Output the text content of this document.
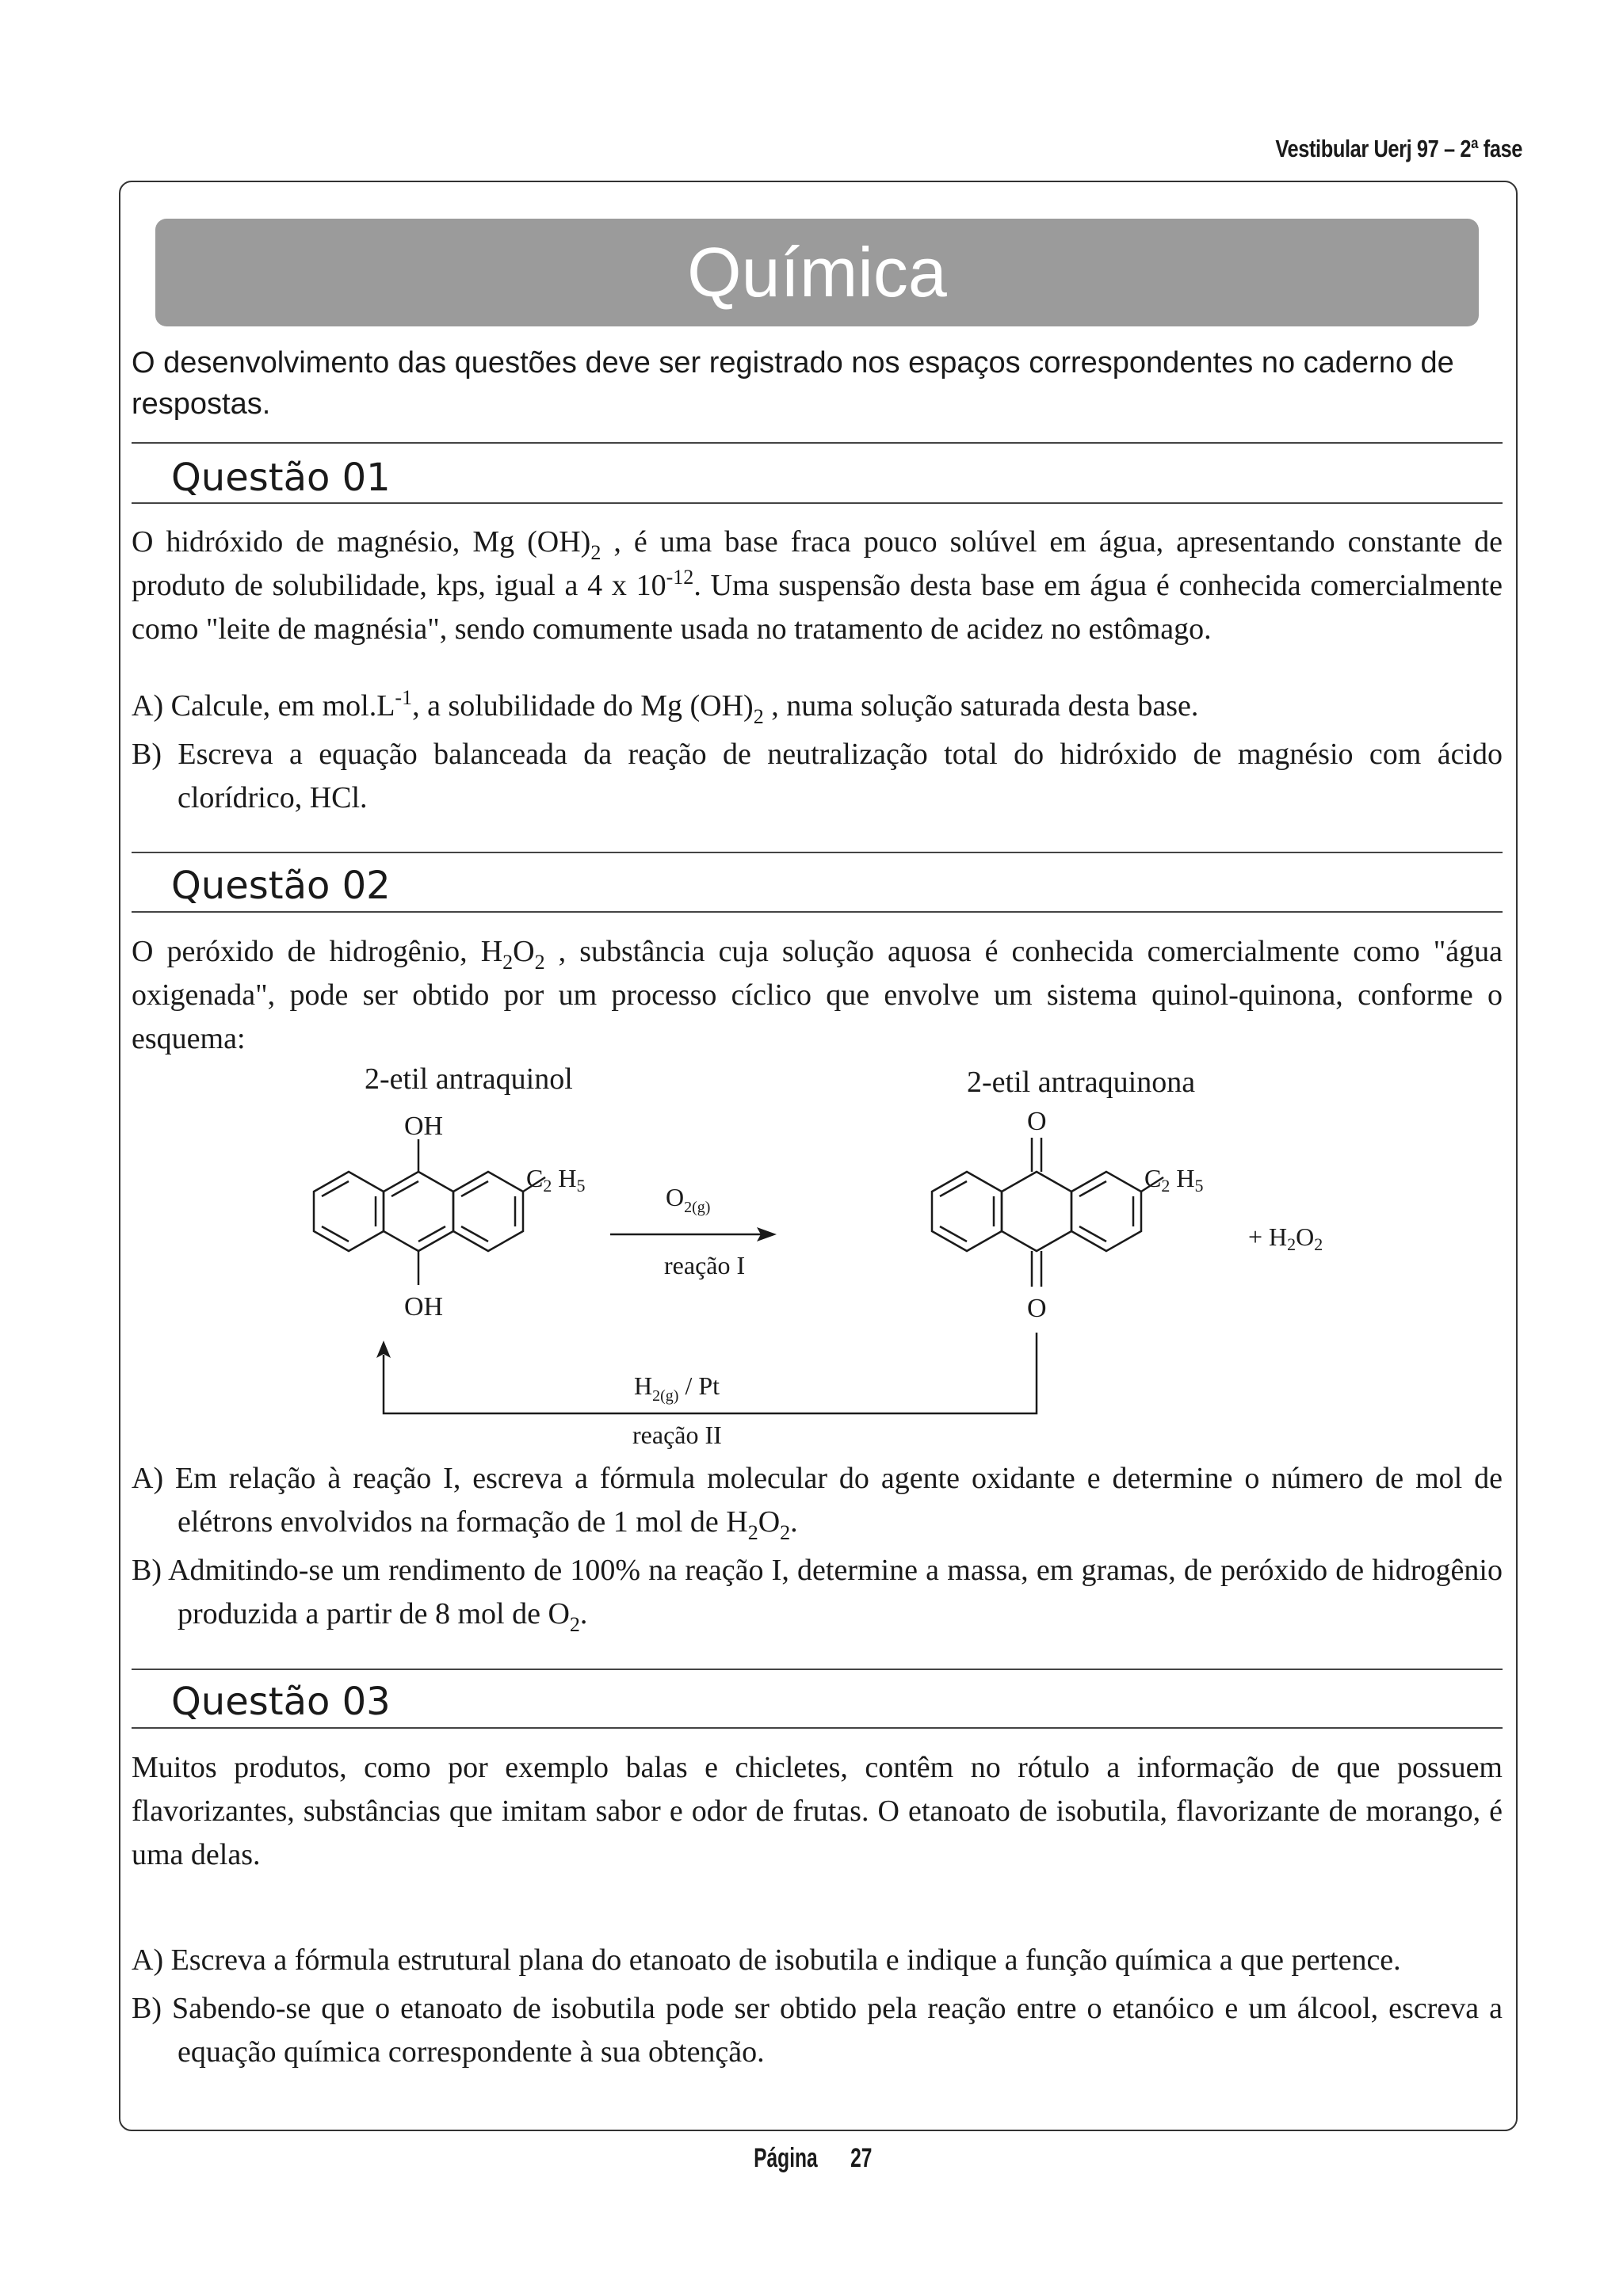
Vestibular Uerj 97 – 2ª fase
Química

O desenvolvimento das questões deve ser registrado nos espaços correspondentes no caderno de respostas.

Questão 01

O hidróxido de magnésio, Mg $(OH)_2$ , é uma base fraca pouco solúvel em água, apresentando constante de produto de solubilidade, kps, igual a 4 x $10^{-12}$. Uma suspensão desta base em água é conhecida comercialmente como "leite de magnésia", sendo comumente usada no tratamento de acidez no estômago.

A) Calcule, em $mol.L^{-1}$, a solubilidade do Mg $(OH)_2$ , numa solução saturada desta base.

B) Escreva a equação balanceada da reação de neutralização total do hidróxido de magnésio com ácido clorídrico, HCl.

Questão 02

O peróxido de hidrogênio, $H_2O_2$ , substância cuja solução aquosa é conhecida comercialmente como "água oxigenada", pode ser obtido por um processo cíclico que envolve um sistema quinol-quinona, conforme o esquema:

2-etil antraquinol
OH
OH
C2 H5	$O_{2(g)}$
reação I
2-etil antraquinona
O
O
C2 H5
+ H2O2
$H_{2(g)}$ / Pt
reação II

A) Em relação à reação I, escreva a fórmula molecular do agente oxidante e determine o número de mol de elétrons envolvidos na formação de 1 mol de $H_2O_2$.

B) Admitindo-se um rendimento de 100% na reação I, determine a massa, em gramas, de peróxido de hidrogênio produzida a partir de 8 mol de $O_2$.

Questão 03

Muitos produtos, como por exemplo balas e chicletes, contêm no rótulo a informação de que possuem flavorizantes, substâncias que imitam sabor e odor de frutas. O etanoato de isobutila, flavorizante de morango, é uma delas.

A) Escreva a fórmula estrutural plana do etanoato de isobutila e indique a função química a que pertence.

B) Sabendo-se que o etanoato de isobutila pode ser obtido pela reação entre o etanóico e um álcool, escreva a equação química correspondente à sua obtenção.

Página 27
